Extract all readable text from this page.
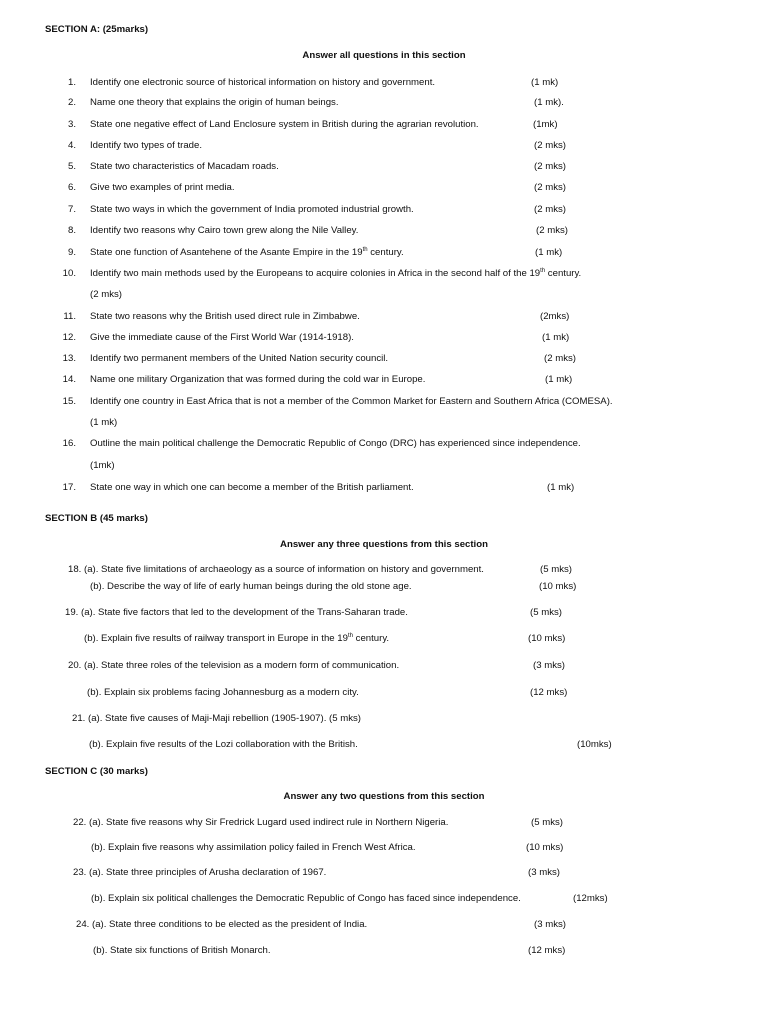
SECTION A: (25marks)
Answer all questions in this section
1. Identify one electronic source of historical information on history and government.	(1 mk)
2. Name one theory that explains the origin of human beings.	(1 mk).
3. State one negative effect of Land Enclosure system in British during the agrarian revolution.	(1mk)
4. Identify two types of trade.	(2 mks)
5. State two characteristics of Macadam roads.	(2 mks)
6. Give two examples of print media.	(2 mks)
7. State two ways in which the government of India promoted industrial growth.	(2 mks)
8. Identify two reasons why Cairo town grew along the Nile Valley.	(2 mks)
9. State one function of Asantehene of the Asante Empire in the 19th century.	(1 mk)
10. Identify two main methods used by the Europeans to acquire colonies in Africa in the second half of the 19th century.
(2 mks)
11. State two reasons why the British used direct rule in Zimbabwe.	(2mks)
12. Give the immediate cause of the First World War (1914-1918).	(1 mk)
13. Identify two permanent members of the United Nation security council.	(2 mks)
14. Name one military Organization that was formed during the cold war in Europe.	(1 mk)
15. Identify one country in East Africa that is not a member of the Common Market for Eastern and Southern Africa (COMESA).
(1 mk)
16. Outline the main political challenge the Democratic Republic of Congo (DRC) has experienced since independence.
(1mk)
17. State one way in which one can become a member of the British parliament.	(1 mk)
SECTION B (45 marks)
Answer any three questions from this section
18. (a). State five limitations of archaeology as a source of information on history and government.	(5 mks)
(b). Describe the way of life of early human beings during the old stone age.	(10 mks)
19. (a). State five factors that led to the development of the Trans-Saharan trade.	(5 mks)
(b). Explain five results of railway transport in Europe in the 19th century.	(10 mks)
20. (a). State three roles of the television as a modern form of communication.	(3 mks)
(b). Explain six problems facing Johannesburg as a modern city.	(12 mks)
21. (a). State five causes of Maji-Maji rebellion (1905-1907). (5 mks)
(b). Explain five results of the Lozi collaboration with the British.	(10mks)
SECTION C (30 marks)
Answer any two questions from this section
22. (a). State five reasons why Sir Fredrick Lugard used indirect rule in Northern Nigeria.	(5 mks)
(b). Explain five reasons why assimilation policy failed in French West Africa.	(10 mks)
23. (a). State three principles of Arusha declaration of 1967.	(3 mks)
(b). Explain six political challenges the Democratic Republic of Congo has faced since independence.	(12mks)
24. (a). State three conditions to be elected as the president of India.	(3 mks)
(b). State six functions of British Monarch.	(12 mks)
